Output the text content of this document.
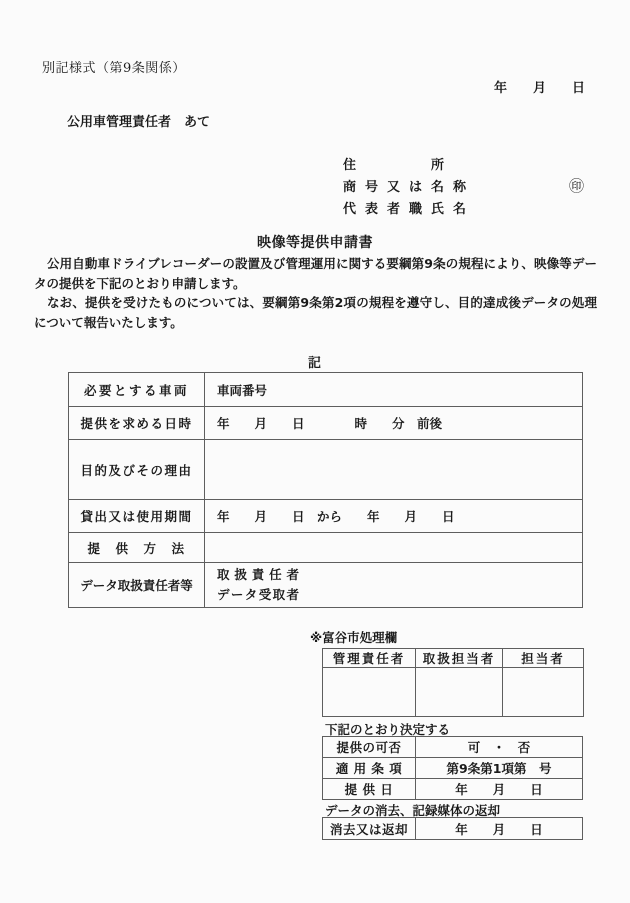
別記様式（第9条関係）
年　　月　　日
公用車管理責任者　あて
住　　　所
商号又は名称
代表者職氏名
㊞
映像等提供申請書

公用自動車ドライブレコーダーの設置及び管理運用に関する要綱第9条の規程により、映像等データの提供を下記のとおり申請します。

なお、提供を受けたものについては、要綱第9条第2項の規程を遵守し、目的達成後データの処理について報告いたします。

記
必要とする車両	車両番号
提供を求める日時	年　　月　　日　　　　時　　分　前後
目的及びその理由	
貸出又は使用期間	年　　月　　日　から　　年　　月　　日
提　供　方　法	
データ取扱責任者等	取扱責任者
データ受取者
※富谷市処理欄
管理責任者	取扱担当者	担当者

下記のとおり決定する
提供の可否	可　・　否
適 用 条 項	第9条第1項第　号
提 供 日	年　　月　　日
データの消去、記録媒体の返却
消去又は返却	年　　月　　日
